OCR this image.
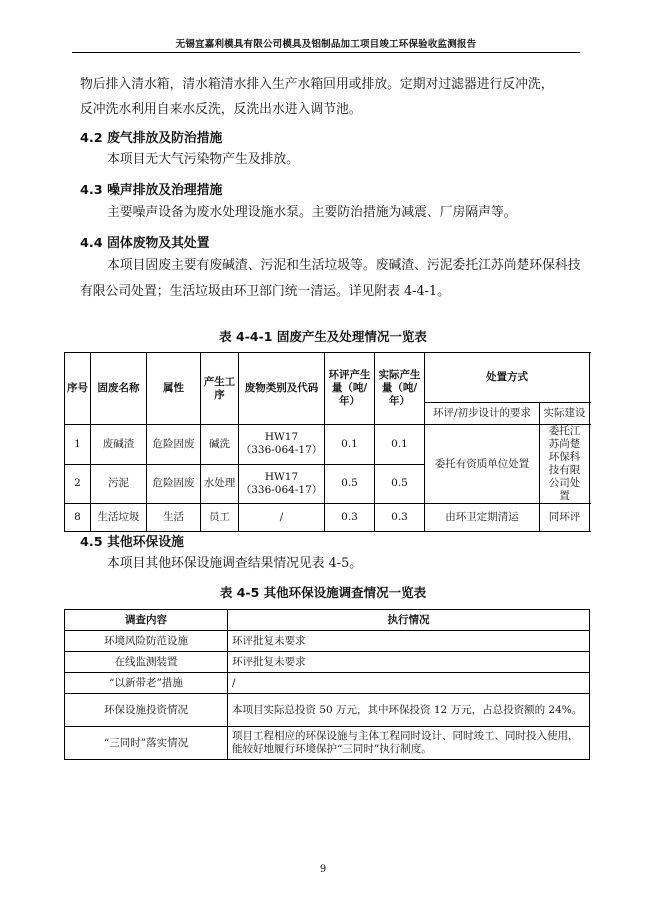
无锡宜嘉利模具有限公司模具及铝制品加工项目竣工环保验收监测报告
物后排入清水箱，清水箱清水排入生产水箱回用或排放。定期对过滤器进行反冲洗，
反冲洗水利用自来水反洗，反洗出水进入调节池。
4.2 废气排放及防治措施
本项目无大气污染物产生及排放。
4.3 噪声排放及治理措施
主要噪声设备为废水处理设施水泵。主要防治措施为减震、厂房隔声等。
4.4 固体废物及其处置
本项目固废主要有废碱渣、污泥和生活垃圾等。废碱渣、污泥委托江苏尚楚环保科技
有限公司处置；生活垃圾由环卫部门统一清运。详见附表 4-4-1。
表 4-4-1 固废产生及处理情况一览表
序号	固废名称	属性	产生工序	废物类别及代码	环评产生量（吨/年）	实际产生量（吨/年）	处置方式	
							环评/初步设计的要求	实际建设
1	废碱渣	危险固废	碱洗	HW17
（336-064-17）	0.1	0.1	委托有资质单位处置	委托江苏尚楚环保科技有限公司处置
2	污泥	危险固废	水处理	HW17
（336-064-17）	0.5	0.5		
8	生活垃圾	生活	员工	/	0.3	0.3	由环卫定期清运	同环评
4.5 其他环保设施
本项目其他环保设施调查结果情况见表 4-5。
表 4-5 其他环保设施调查情况一览表
调查内容	执行情况
环境风险防范设施	环评批复未要求
在线监测装置	环评批复未要求
“以新带老”措施	/
环保设施投资情况	本项目实际总投资 50 万元，其中环保投资 12 万元，占总投资额的 24%。
“三同时”落实情况	项目工程相应的环保设施与主体工程同时设计、同时竣工、同时投入使用，能较好地履行环境保护“三同时”执行制度。
9
